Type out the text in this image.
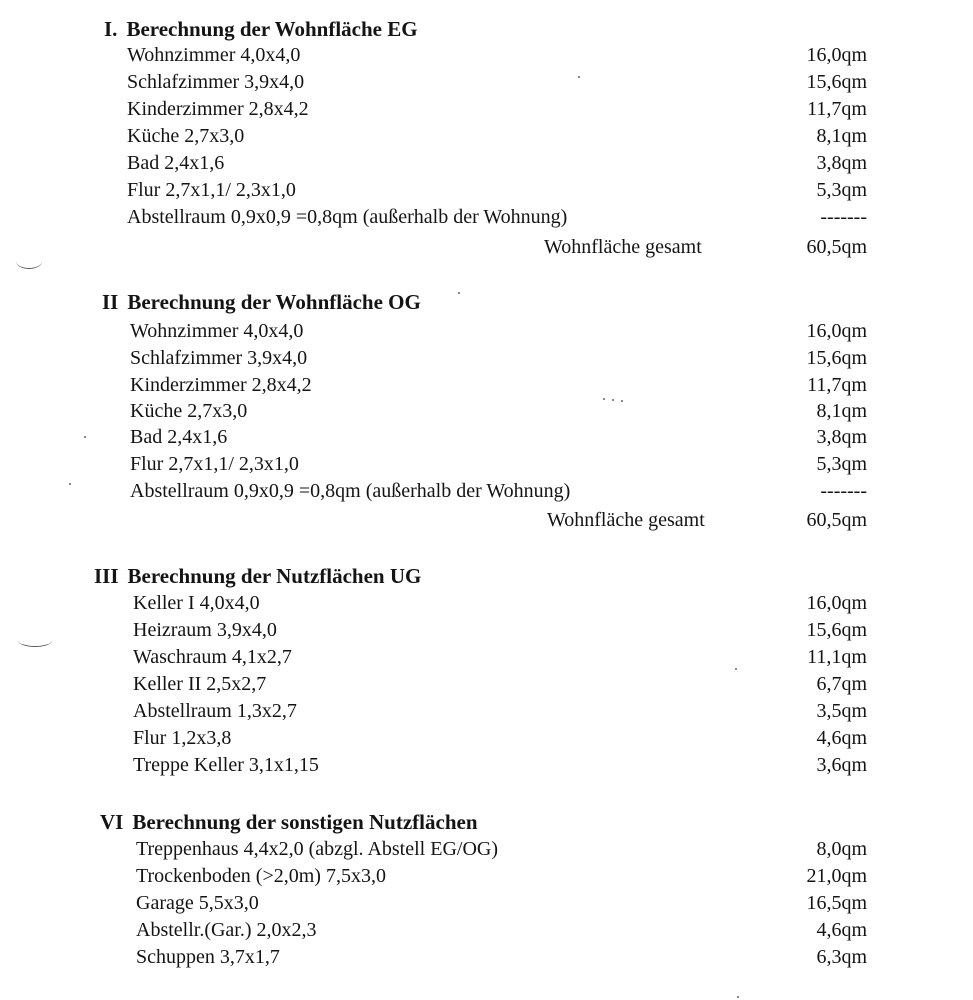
I. Berechnung der Wohnfläche EG
Wohnzimmer 4,0x4,0	16,0qm
Schlafzimmer 3,9x4,0	15,6qm
Kinderzimmer 2,8x4,2	11,7qm
Küche 2,7x3,0	8,1qm
Bad 2,4x1,6	3,8qm
Flur 2,7x1,1/ 2,3x1,0	5,3qm
Abstellraum 0,9x0,9 =0,8qm (außerhalb der Wohnung)	-------
Wohnfläche gesamt	60,5qm
II Berechnung der Wohnfläche OG
Wohnzimmer 4,0x4,0	16,0qm
Schlafzimmer 3,9x4,0	15,6qm
Kinderzimmer 2,8x4,2	11,7qm
Küche 2,7x3,0	8,1qm
Bad 2,4x1,6	3,8qm
Flur 2,7x1,1/ 2,3x1,0	5,3qm
Abstellraum 0,9x0,9 =0,8qm (außerhalb der Wohnung)	-------
Wohnfläche gesamt	60,5qm
III Berechnung der Nutzflächen UG
Keller I 4,0x4,0	16,0qm
Heizraum 3,9x4,0	15,6qm
Waschraum 4,1x2,7	11,1qm
Keller II 2,5x2,7	6,7qm
Abstellraum 1,3x2,7	3,5qm
Flur 1,2x3,8	4,6qm
Treppe Keller 3,1x1,15	3,6qm
VI Berechnung der sonstigen Nutzflächen
Treppenhaus 4,4x2,0 (abzgl. Abstell EG/OG)	8,0qm
Trockenboden (>2,0m) 7,5x3,0	21,0qm
Garage 5,5x3,0	16,5qm
Abstellr.(Gar.) 2,0x2,3	4,6qm
Schuppen 3,7x1,7	6,3qm
